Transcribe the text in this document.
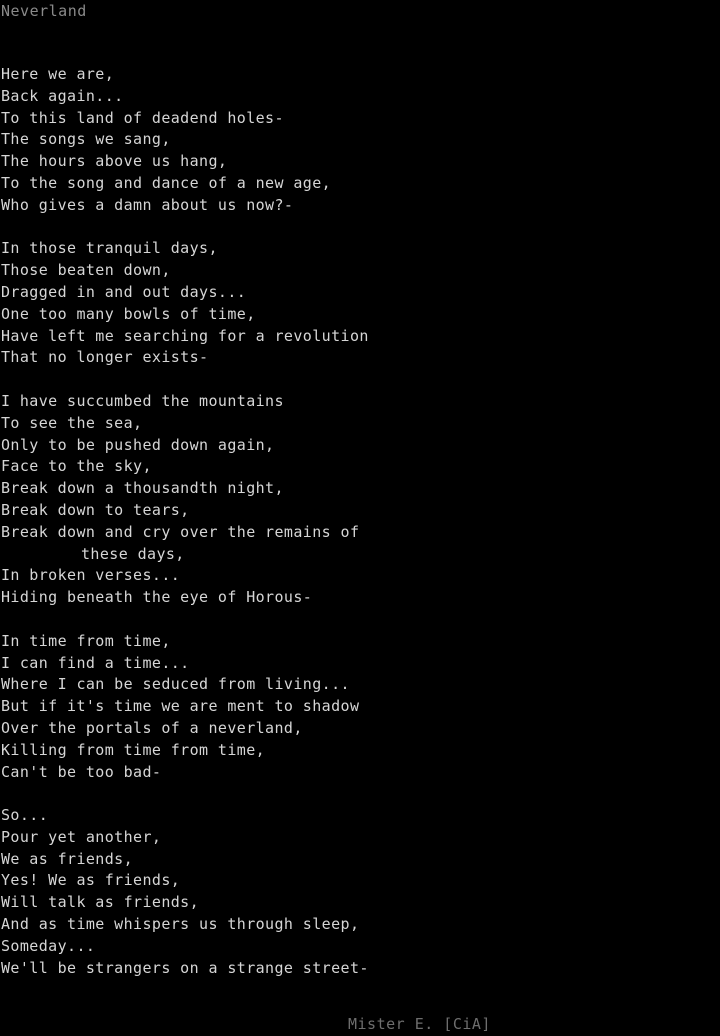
Neverland
Here we are,
Back again...
To this land of deadend holes-
The songs we sang,
The hours above us hang,
To the song and dance of a new age,
Who gives a damn about us now?-
In those tranquil days,
Those beaten down,
Dragged in and out days...
One too many bowls of time,
Have left me searching for a revolution
That no longer exists-
I have succumbed the mountains
To see the sea,
Only to be pushed down again,
Face to the sky,
Break down a thousandth night,
Break down to tears,
Break down and cry over the remains of
these days,
In broken verses...
Hiding beneath the eye of Horous-
In time from time,
I can find a time...
Where I can be seduced from living...
But if it's time we are ment to shadow
Over the portals of a neverland,
Killing from time from time,
Can't be too bad-
So...
Pour yet another,
We as friends,
Yes! We as friends,
Will talk as friends,
And as time whispers us through sleep,
Someday...
We'll be strangers on a strange street-
Mister E. [CiA]
